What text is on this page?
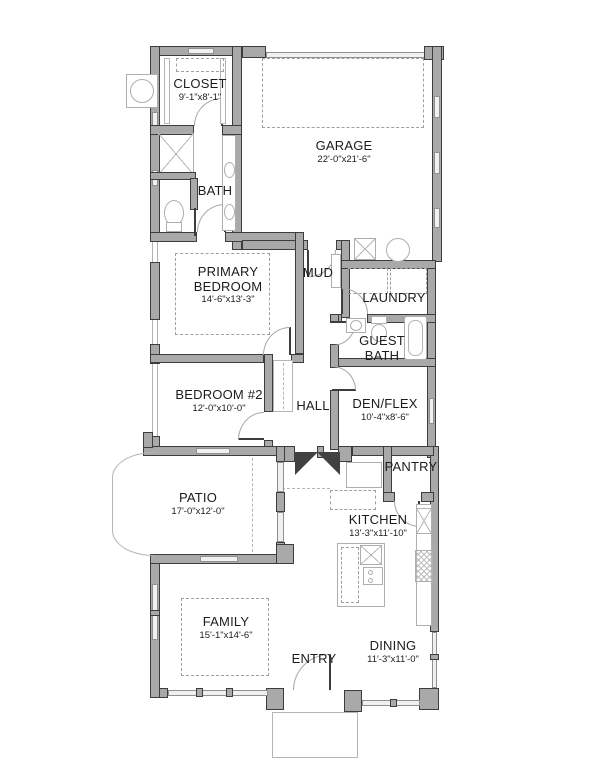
CLOSET
9'-1"x8'-1"
GARAGE
22'-0"x21'-6"
BATH
PRIMARY
BEDROOM
14'-6"x13'-3"
MUD
LAUNDRY
GUEST
BATH
BEDROOM #2
12'-0"x10'-0"	HALL DEN/FLEX
10'-4"x8'-6"
PATIO
17'-0"x12'-0"
PANTRY
KITCHEN
13'-3"x11'-10"
FAMILY
15'-1"x14'-6"
ENTRY
DINING
11'-3"x11'-0"
